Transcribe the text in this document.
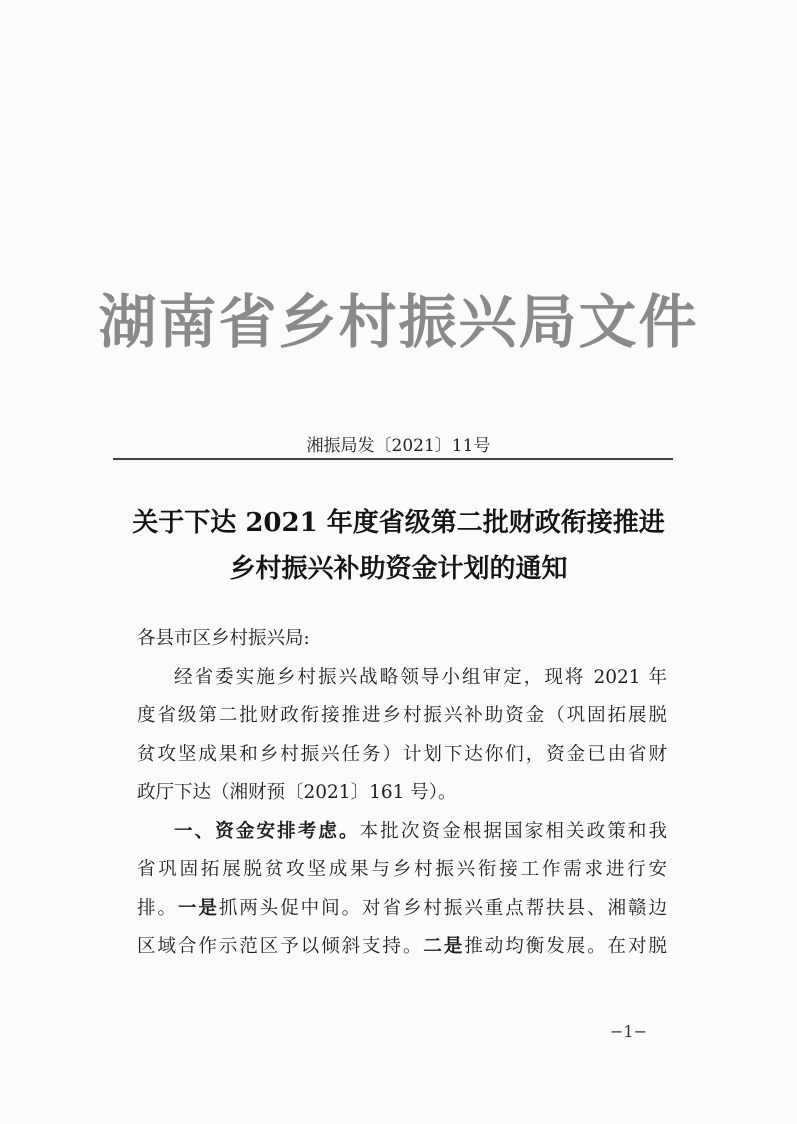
湖南省乡村振兴局文件
湘振局发〔2021〕11号
关于下达 2021 年度省级第二批财政衔接推进
乡村振兴补助资金计划的通知
各县市区乡村振兴局:
经省委实施乡村振兴战略领导小组审定，现将 2021 年
度省级第二批财政衔接推进乡村振兴补助资金（巩固拓展脱
贫攻坚成果和乡村振兴任务）计划下达你们，资金已由省财
政厅下达（湘财预〔2021〕161 号）。
一、资金安排考虑。本批次资金根据国家相关政策和我
省巩固拓展脱贫攻坚成果与乡村振兴衔接工作需求进行安
排。一是抓两头促中间。对省乡村振兴重点帮扶县、湘赣边
区域合作示范区予以倾斜支持。二是推动均衡发展。在对脱
−1−
